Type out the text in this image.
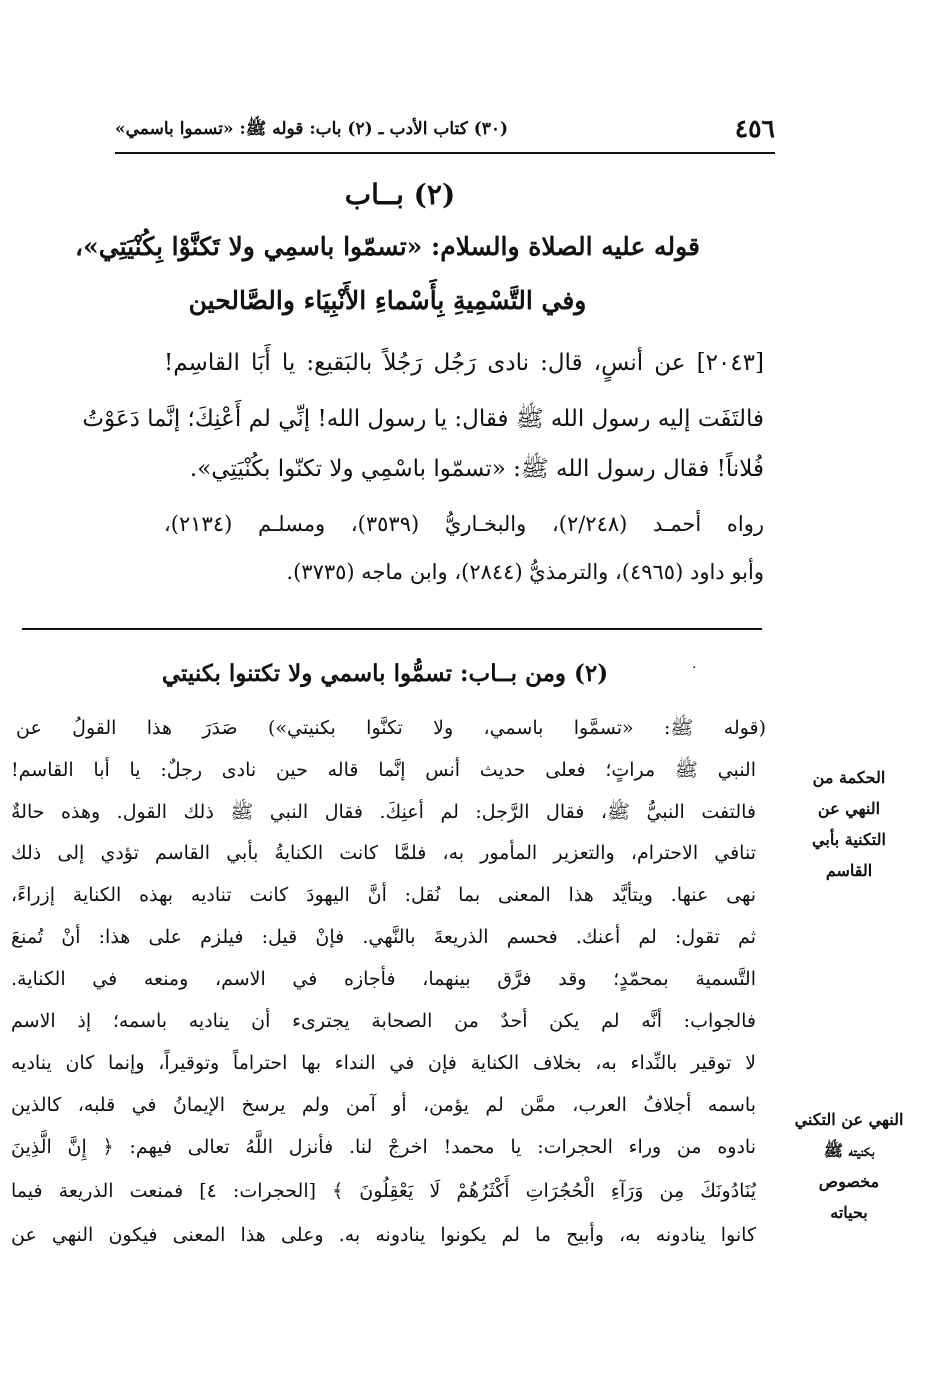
٤٥٦
(٣٠) كتاب الأدب ـ (٢) باب: قوله ﷺ: «تسموا باسمي»
(٢) بــاب
قوله عليه الصلاة والسلام: «تسمّوا باسمِي ولا تَكنَّوْا بِكُنْيَتِي»،
وفي التَّسْمِيةِ بِأَسْماءِ الأَنْبِيَاء والصَّالحين
[٢٠٤٣] عن أنسٍ، قال: نادى رَجُل رَجُلاً بالبَقيع: يا أَبَا القاسِم!
فالتَفَت إليه رسول الله ﷺ فقال: يا رسول الله! إنِّي لم أَعْنِكَ؛ إنَّما دَعَوْتُ
فُلاناً! فقال رسول الله ﷺ: «تسمّوا باسْمِي ولا تكنّوا بكُنْيَتِي».
رواه أحمـد (٢/٢٤٨)، والبخـاريُّ (٣٥٣٩)، ومسلـم (٢١٣٤)،
وأبو داود (٤٩٦٥)، والترمذيُّ (٢٨٤٤)، وابن ماجه (٣٧٣٥).
·
(٢) ومن بــاب: تسمُّوا باسمي ولا تكتنوا بكنيتي
(قوله ﷺ: «تسمَّوا باسمي، ولا تكنَّوا بكنيتي») صَدَرَ هذا القولُ عن
النبي ﷺ مراتٍ؛ فعلى حديث أنس إنَّما قاله حين نادى رجلٌ: يا أبا القاسم!
فالتفت النبيُّ ﷺ، فقال الرَّجل: لم أعنِكَ. فقال النبي ﷺ ذلك القول. وهذه حالةٌ
تنافي الاحترام، والتعزير المأمور به، فلمَّا كانت الكنايةُ بأبي القاسم تؤدي إلى ذلك
نهى عنها. ويتأيَّد هذا المعنى بما نُقل: أنَّ اليهودَ كانت تناديه بهذه الكناية إزراءً،
ثم تقول: لم أعنك. فحسم الذريعةَ بالنَّهي. فإنْ قيل: فيلزم على هذا: أنْ تُمنعَ
التَّسمية بمحمّدٍ؛ وقد فرَّق بينهما، فأجازه في الاسم، ومنعه في الكناية.
فالجواب: أنَّه لم يكن أحدٌ من الصحابة يجترىء أن يناديه باسمه؛ إذ الاسم
لا توقير بالنِّداء به، بخلاف الكناية فإن في النداء بها احتراماً وتوقيراً، وإنما كان يناديه
باسمه أجلافُ العرب، ممَّن لم يؤمن، أو آمن ولم يرسخ الإيمانُ في قلبه، كالذين
نادوه من وراء الحجرات: يا محمد! اخرجْ لنا. فأنزل اللَّهُ تعالى فيهم: ﴿ إِنَّ الَّذِينَ
يُنَادُونَكَ مِن وَرَآءِ الْحُجُرَاتِ أَكْثَرُهُمْ لَا يَعْقِلُونَ ﴾ [الحجرات: ٤] فمنعت الذريعة فيما
كانوا ينادونه به، وأبيح ما لم يكونوا ينادونه به. وعلى هذا المعنى فيكون النهي عن
الحكمة من
النهي عن
التكنية بأبي
القاسم
النهي عن التكني
بكنيته ﷺ
مخصوص
بحياته
